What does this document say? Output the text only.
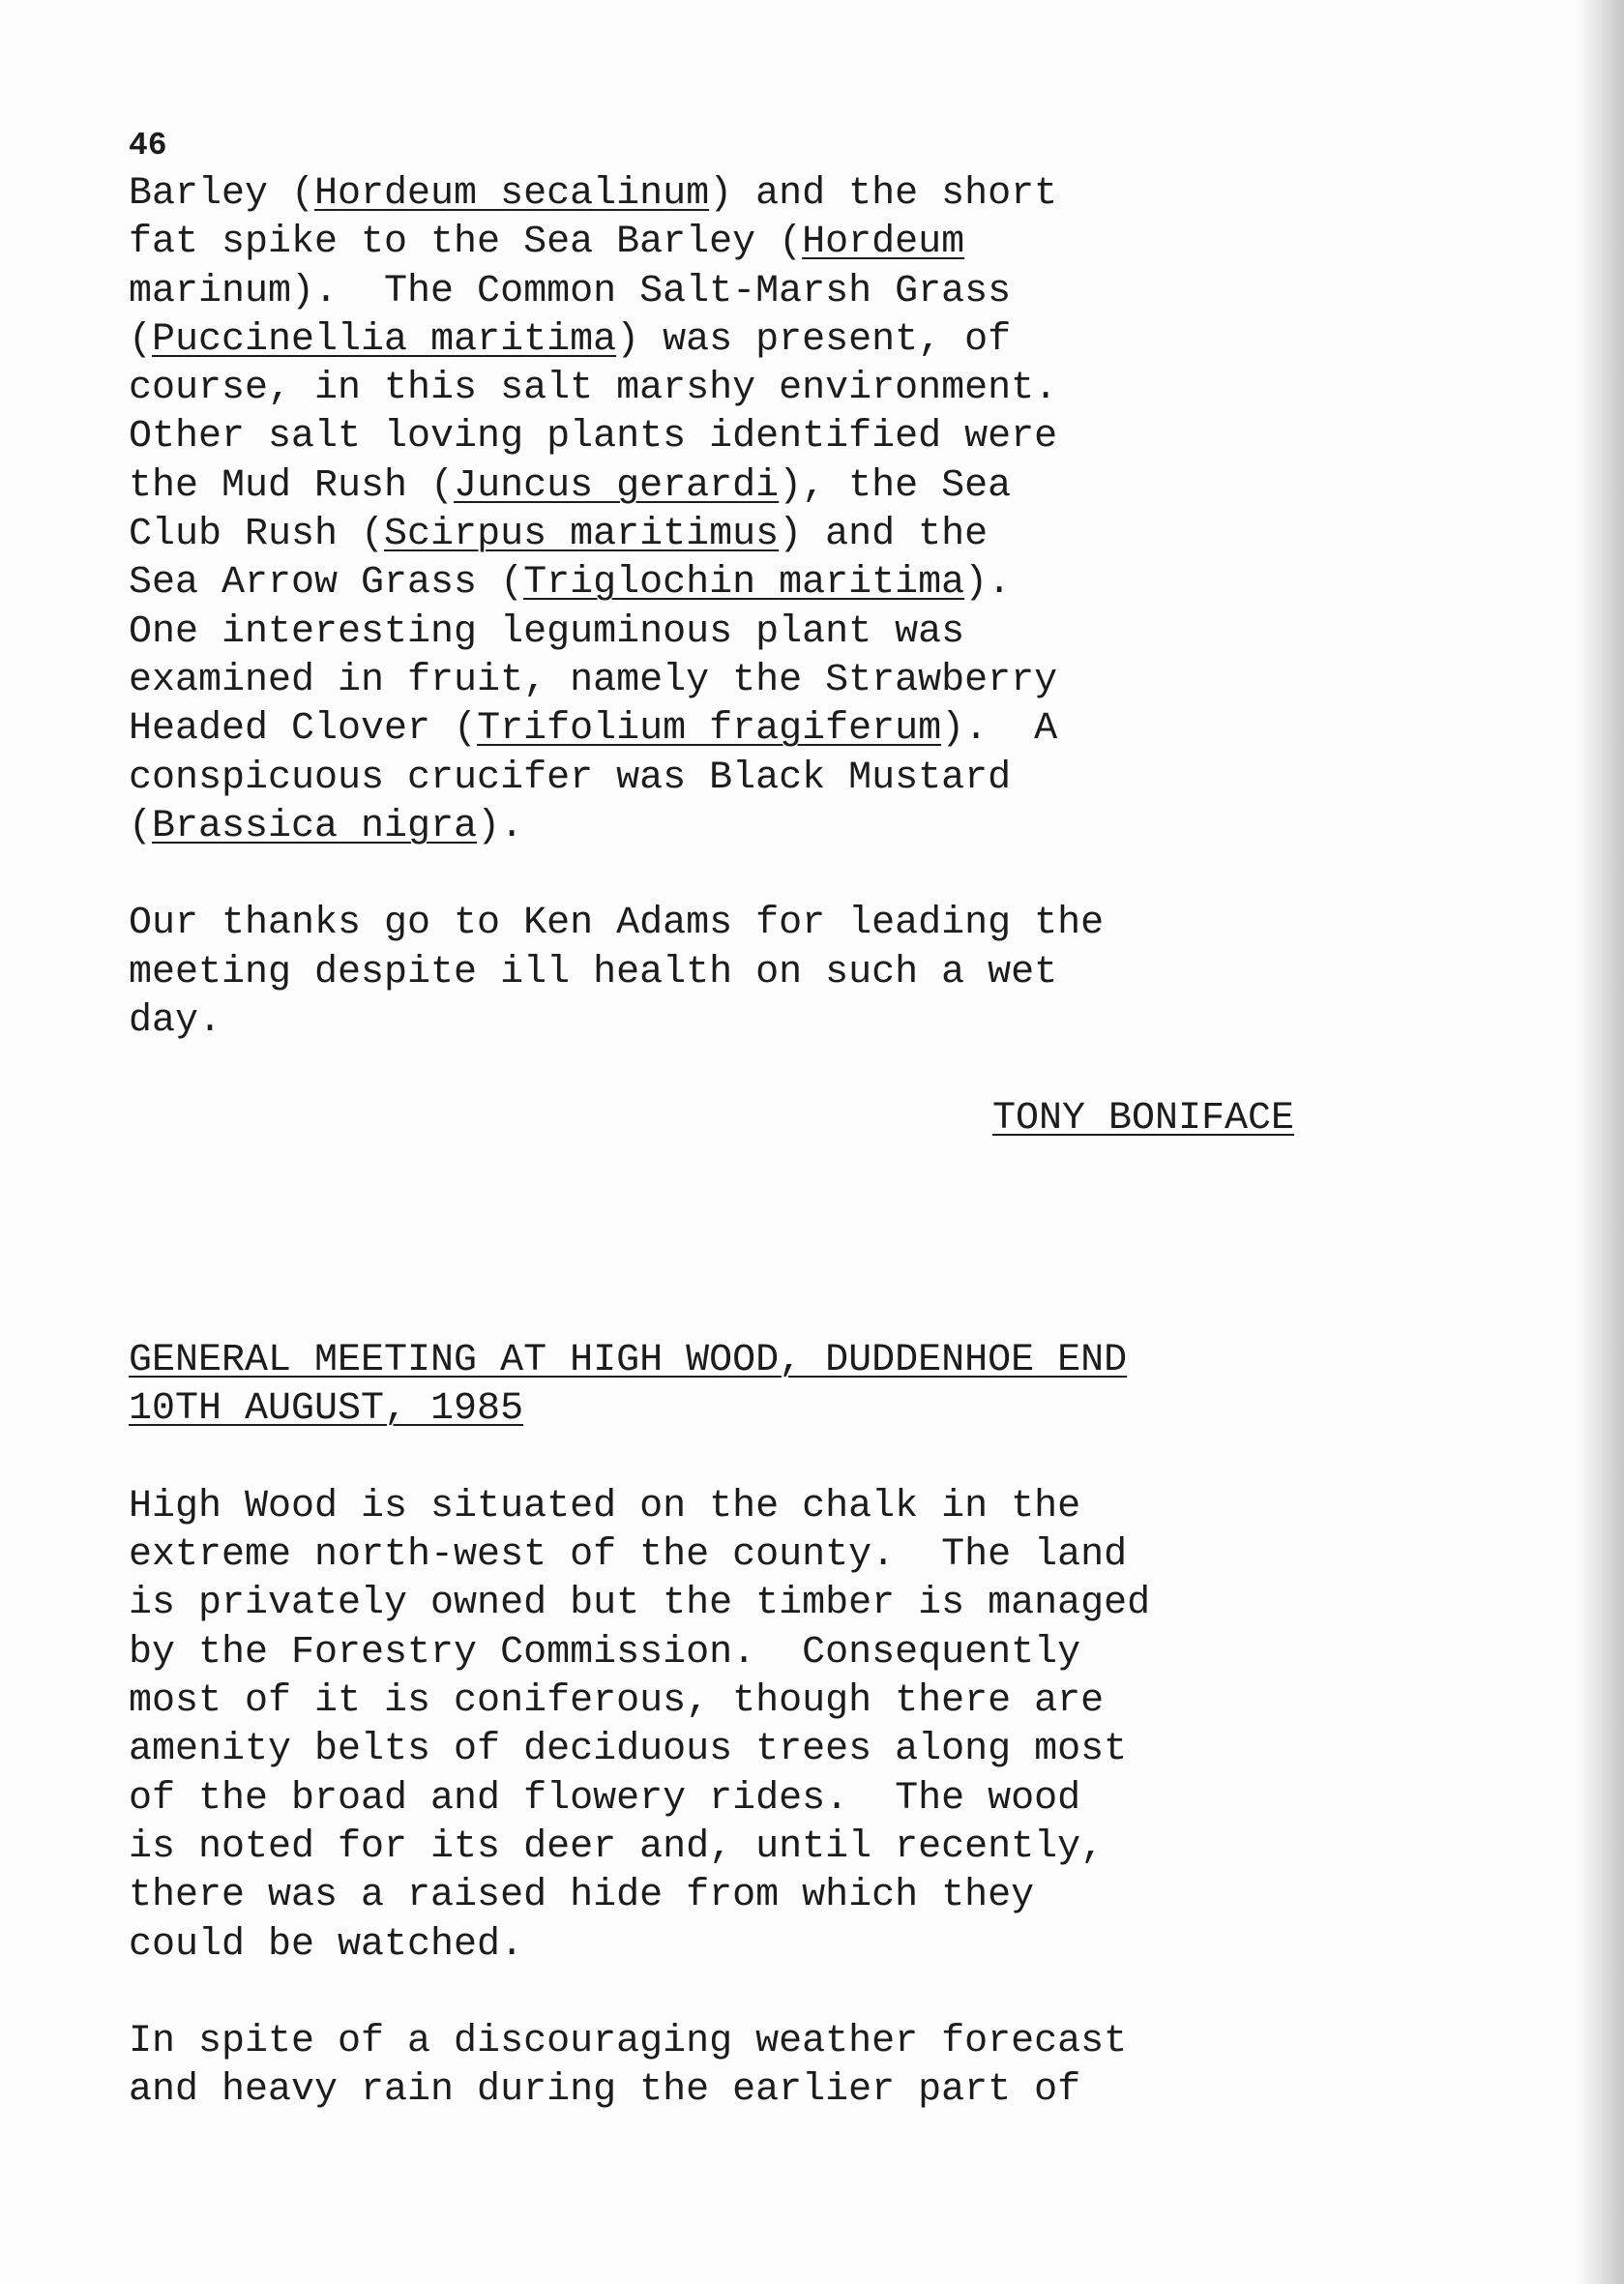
46
Barley (Hordeum secalinum) and the short
fat spike to the Sea Barley (Hordeum
marinum).  The Common Salt-Marsh Grass
(Puccinellia maritima) was present, of
course, in this salt marshy environment.
Other salt loving plants identified were
the Mud Rush (Juncus gerardi), the Sea
Club Rush (Scirpus maritimus) and the
Sea Arrow Grass (Triglochin maritima).
One interesting leguminous plant was
examined in fruit, namely the Strawberry
Headed Clover (Trifolium fragiferum).  A
conspicuous crucifer was Black Mustard
(Brassica nigra).
Our thanks go to Ken Adams for leading the
meeting despite ill health on such a wet
day.
TONY BONIFACE
GENERAL MEETING AT HIGH WOOD, DUDDENHOE END
10TH AUGUST, 1985
High Wood is situated on the chalk in the
extreme north-west of the county.  The land
is privately owned but the timber is managed
by the Forestry Commission.  Consequently
most of it is coniferous, though there are
amenity belts of deciduous trees along most
of the broad and flowery rides.  The wood
is noted for its deer and, until recently,
there was a raised hide from which they
could be watched.
In spite of a discouraging weather forecast
and heavy rain during the earlier part of
